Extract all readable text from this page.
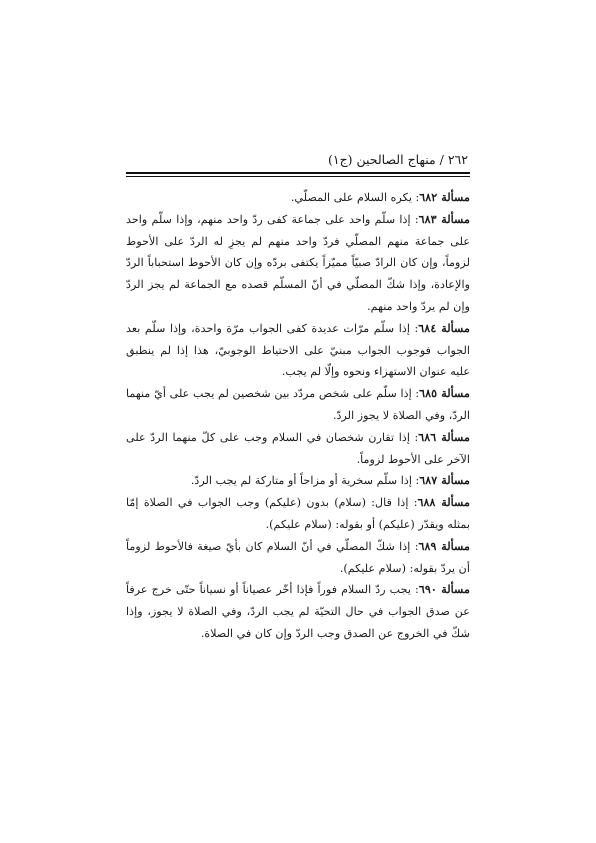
٢٦٢ / منهاج الصالحين (ج١)

مسألة ٦٨٢: يكره السلام على المصلّي.

مسألة ٦٨٣: إذا سلّم واحد على جماعة كفى ردّ واحد منهم، وإذا سلّم واحد على جماعة منهم المصلّي فردّ واحد منهم لم يجزِ له الردّ على الأحوط لزوماً، وإن كان الرادّ صبيّاً مميّزاً يكتفى بردّه وإن كان الأحوط استحباباً الردّ والإعادة، وإذا شكّ المصلّي في أنّ المسلّم قصده مع الجماعة لم يجز الردّ وإن لم يردّ واحد منهم.

مسألة ٦٨٤: إذا سلّم مرّات عديدة كفى الجواب مرّة واحدة، وإذا سلّم بعد الجواب فوجوب الجواب مبنيّ على الاحتياط الوجوبيّ، هذا إذا لم ينطبق عليه عنوان الاستهزاء ونحوه وإلّا لم يجب.

مسألة ٦٨٥: إذا سلّم على شخص مردّد بين شخصين لم يجب على أيّ منهما الردّ، وفي الصلاة لا يجوز الردّ.

مسألة ٦٨٦: إذا تقارن شخصان في السلام وجب على كلّ منهما الردّ على الآخر على الأحوط لزوماً.

مسألة ٦٨٧: إذا سلّم سخرية أو مزاحاً أو متاركة لم يجب الردّ.

مسألة ٦٨٨: إذا قال: (سلام) بدون (عليكم) وجب الجواب في الصلاة إمّا بمثله ويقدّر (عليكم) أو بقوله: (سلام عليكم).

مسألة ٦٨٩: إذا شكّ المصلّي في أنّ السلام كان بأيّ صيغة فالأحوط لزوماً أن يردّ بقوله: (سلام عليكم).

مسألة ٦٩٠: يجب ردّ السلام فوراً فإذا أخّر عصياناً أو نسياناً حتّى خرج عرفاً عن صدق الجواب في حال التحيّة لم يجب الردّ، وفي الصلاة لا يجوز، وإذا شكّ في الخروج عن الصدق وجب الردّ وإن كان في الصلاة.
